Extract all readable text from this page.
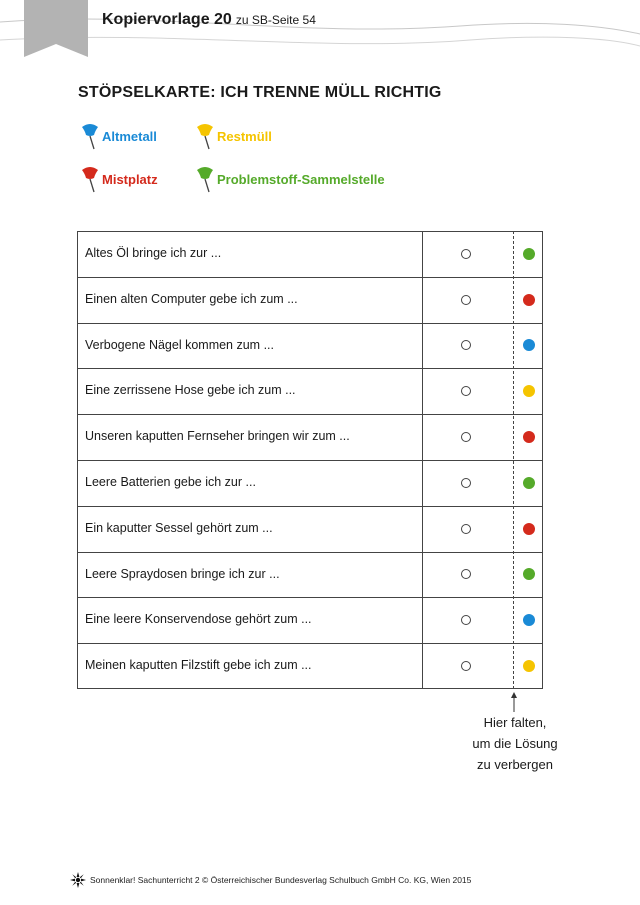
Kopiervorlage 20 zu SB-Seite 54
STÖPSELKARTE: ICH TRENNE MÜLL RICHTIG
Altmetall	Restmüll
Mistplatz	Problemstoff-Sammelstelle
Altes Öl bringe ich zur ...
Einen alten Computer gebe ich zum ...
Verbogene Nägel kommen zum ...
Eine zerrissene Hose gebe ich zum ...
Unseren kaputten Fernseher bringen wir zum ...
Leere Batterien gebe ich zur ...
Ein kaputter Sessel gehört zum ...
Leere Spraydosen bringe ich zur ...
Eine leere Konservendose gehört zum ...
Meinen kaputten Filzstift gebe ich zum ...
Hier falten,
um die Lösung
zu verbergen
Sonnenklar! Sachunterricht 2 © Österreichischer Bundesverlag Schulbuch GmbH Co. KG, Wien 2015
